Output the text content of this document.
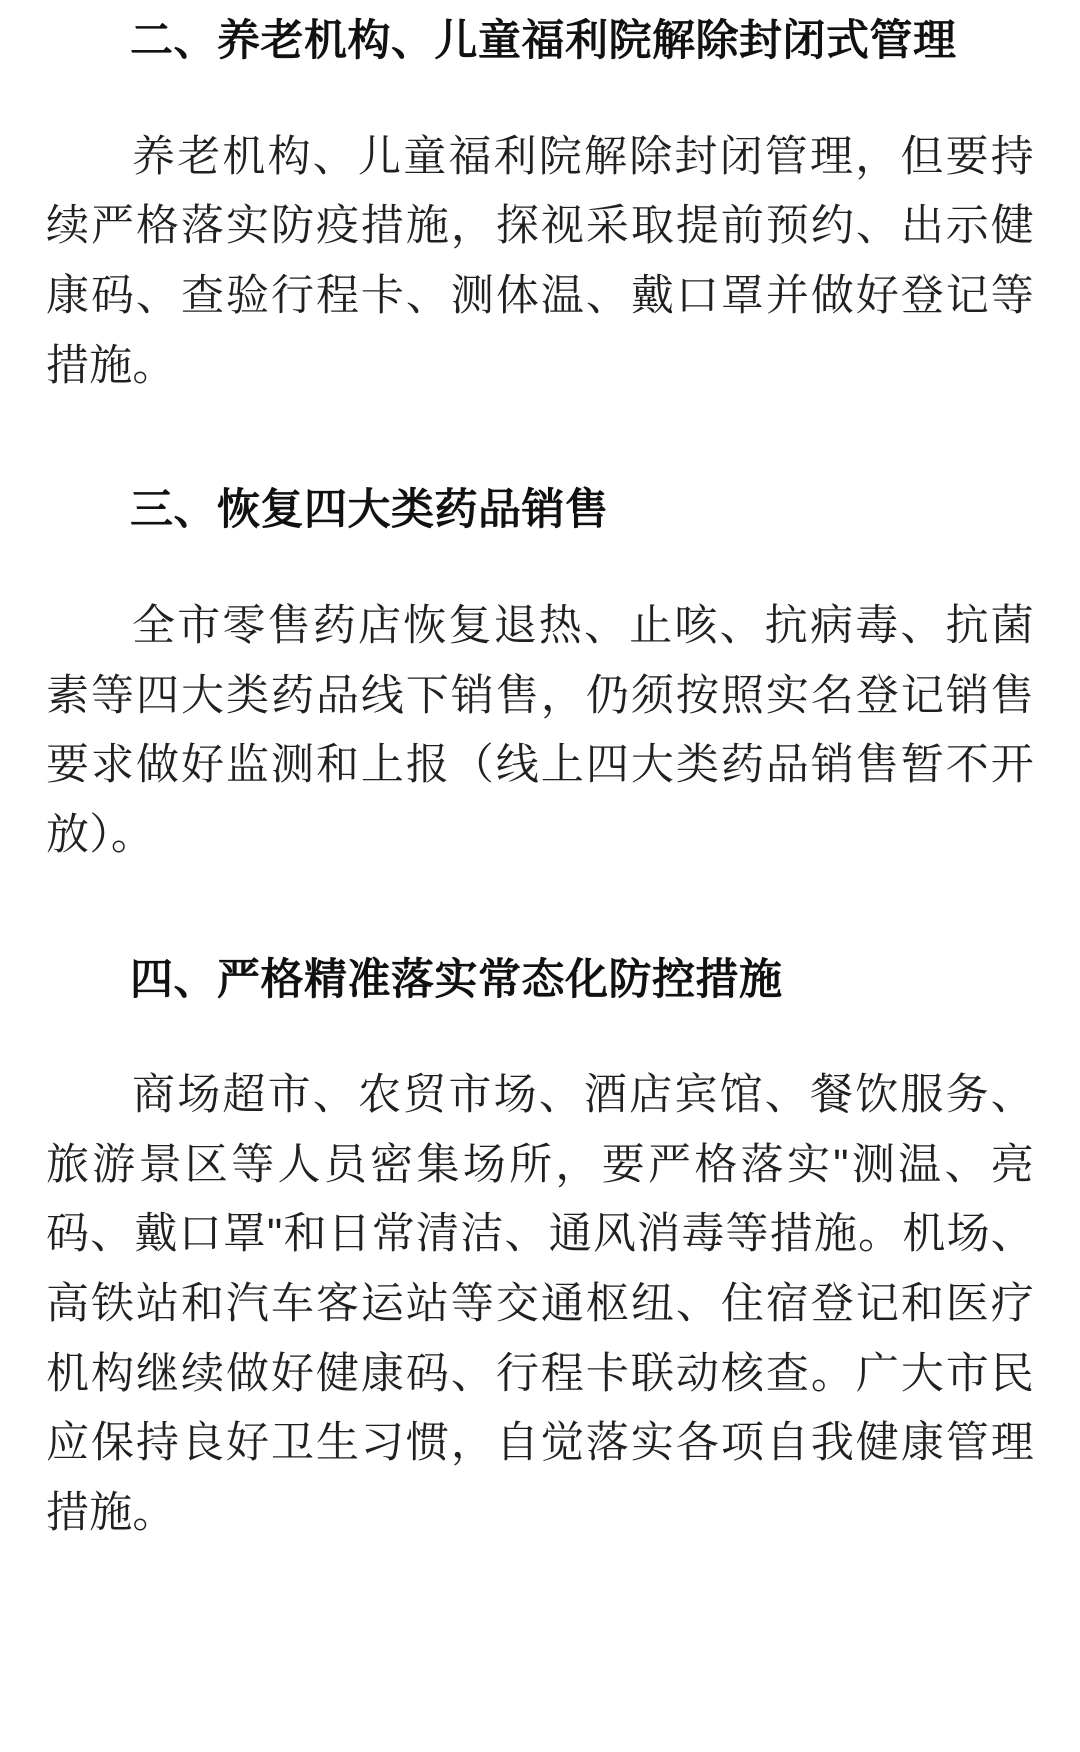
二、养老机构、儿童福利院解除封闭式管理

养老机构、儿童福利院解除封闭管理，但要持续严格落实防疫措施，探视采取提前预约、出示健康码、查验行程卡、测体温、戴口罩并做好登记等措施。

三、恢复四大类药品销售

全市零售药店恢复退热、止咳、抗病毒、抗菌素等四大类药品线下销售，仍须按照实名登记销售要求做好监测和上报（线上四大类药品销售暂不开放）。

四、严格精准落实常态化防控措施

商场超市、农贸市场、酒店宾馆、餐饮服务、旅游景区等人员密集场所，要严格落实"测温、亮码、戴口罩"和日常清洁、通风消毒等措施。机场、高铁站和汽车客运站等交通枢纽、住宿登记和医疗机构继续做好健康码、行程卡联动核查。广大市民应保持良好卫生习惯，自觉落实各项自我健康管理措施。
